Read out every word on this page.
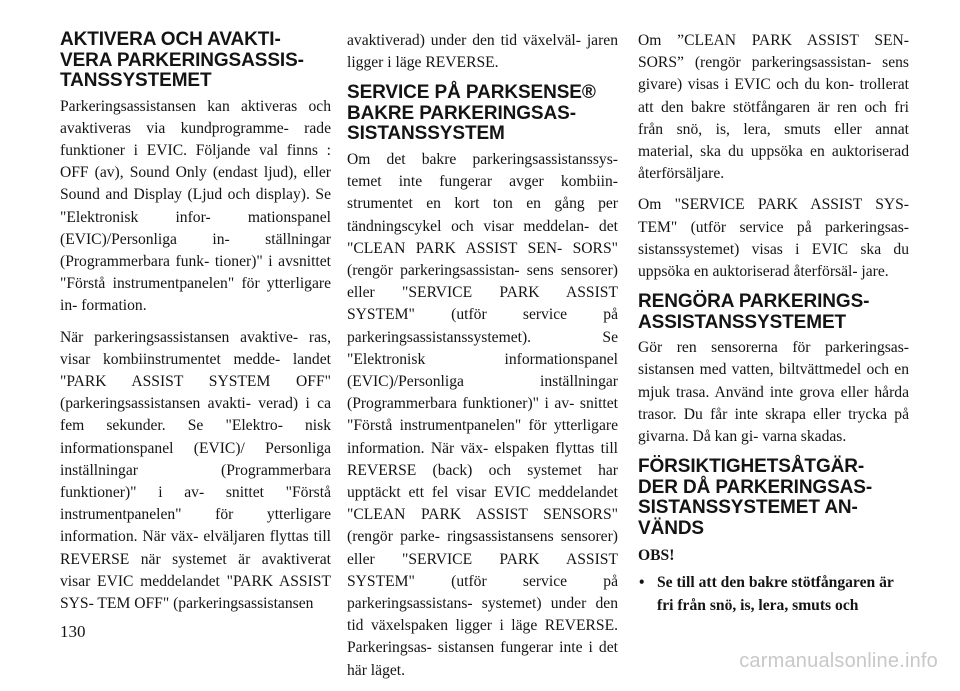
AKTIVERA OCH AVAKTI- VERA PARKERINGSASSIS- TANSSYSTEMET

Parkeringsassistansen kan aktiveras och avaktiveras via kundprogramme- rade funktioner i EVIC. Följande val finns : OFF (av), Sound Only (endast ljud), eller Sound and Display (Ljud och display). Se "Elektronisk infor- mationspanel (EVIC)/Personliga in- ställningar (Programmerbara funk- tioner)" i avsnittet "Förstå instrumentpanelen" för ytterligare in- formation.

När parkeringsassistansen avaktive- ras, visar kombiinstrumentet medde- landet "PARK ASSIST SYSTEM OFF" (parkeringsassistansen avakti- verad) i ca fem sekunder. Se "Elektro- nisk informationspanel (EVIC)/ Personliga inställningar (Programmerbara funktioner)" i av- snittet "Förstå instrumentpanelen" för ytterligare information. När väx- elväljaren flyttas till REVERSE när systemet är avaktiverat visar EVIC meddelandet "PARK ASSIST SYS- TEM OFF" (parkeringsassistansen

avaktiverad) under den tid växelväl- jaren ligger i läge REVERSE.

SERVICE PÅ PARKSENSE® BAKRE PARKERINGSAS- SISTANSSYSTEM

Om det bakre parkeringsassistanssys- temet inte fungerar avger kombiin- strumentet en kort ton en gång per tändningscykel och visar meddelan- det "CLEAN PARK ASSIST SEN- SORS" (rengör parkeringsassistan- sens sensorer) eller "SERVICE PARK ASSIST SYSTEM" (utför service på parkeringsassistanssystemet). Se "Elektronisk informationspanel (EVIC)/Personliga inställningar (Programmerbara funktioner)" i av- snittet "Förstå instrumentpanelen" för ytterligare information. När väx- elspaken flyttas till REVERSE (back) och systemet har upptäckt ett fel visar EVIC meddelandet "CLEAN PARK ASSIST SENSORS" (rengör parke- ringsassistansens sensorer) eller "SERVICE PARK ASSIST SYSTEM" (utför service på parkeringsassistans- systemet) under den tid växelspaken ligger i läge REVERSE. Parkeringsas- sistansen fungerar inte i det här läget.

Om ”CLEAN PARK ASSIST SEN- SORS” (rengör parkeringsassistan- sens givare) visas i EVIC och du kon- trollerat att den bakre stötfångaren är ren och fri från snö, is, lera, smuts eller annat material, ska du uppsöka en auktoriserad återförsäljare.

Om "SERVICE PARK ASSIST SYS- TEM" (utför service på parkeringsas- sistanssystemet) visas i EVIC ska du uppsöka en auktoriserad återförsäl- jare.

RENGÖRA PARKERINGS- ASSISTANSSYSTEMET

Gör ren sensorerna för parkeringsas- sistansen med vatten, biltvättmedel och en mjuk trasa. Använd inte grova eller hårda trasor. Du får inte skrapa eller trycka på givarna. Då kan gi- varna skadas.

FÖRSIKTIGHETSÅTGÄR- DER DÅ PARKERINGSAS- SISTANSSYSTEMET AN- VÄNDS
OBS!
• Se till att den bakre stötfångaren är fri från snö, is, lera, smuts och
130
carmanualsonline.info
